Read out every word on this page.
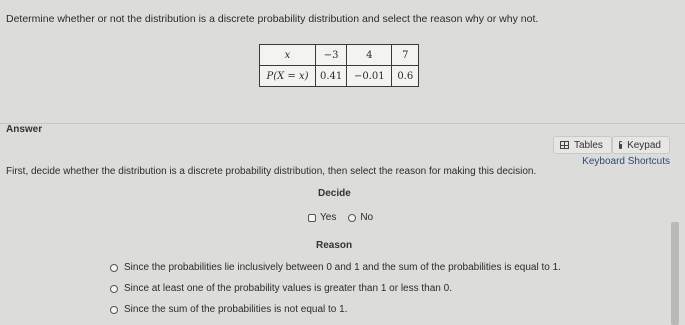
Determine whether or not the distribution is a discrete probability distribution and select the reason why or why not.
x	−3	4	7
P(X = x)	0.41	−0.01	0.6
Answer
Tables Keypad
Keyboard Shortcuts
First, decide whether the distribution is a discrete probability distribution, then select the reason for making this decision.
Decide
Yes No
Reason
Since the probabilities lie inclusively between 0 and 1 and the sum of the probabilities is equal to 1.
Since at least one of the probability values is greater than 1 or less than 0.
Since the sum of the probabilities is not equal to 1.
